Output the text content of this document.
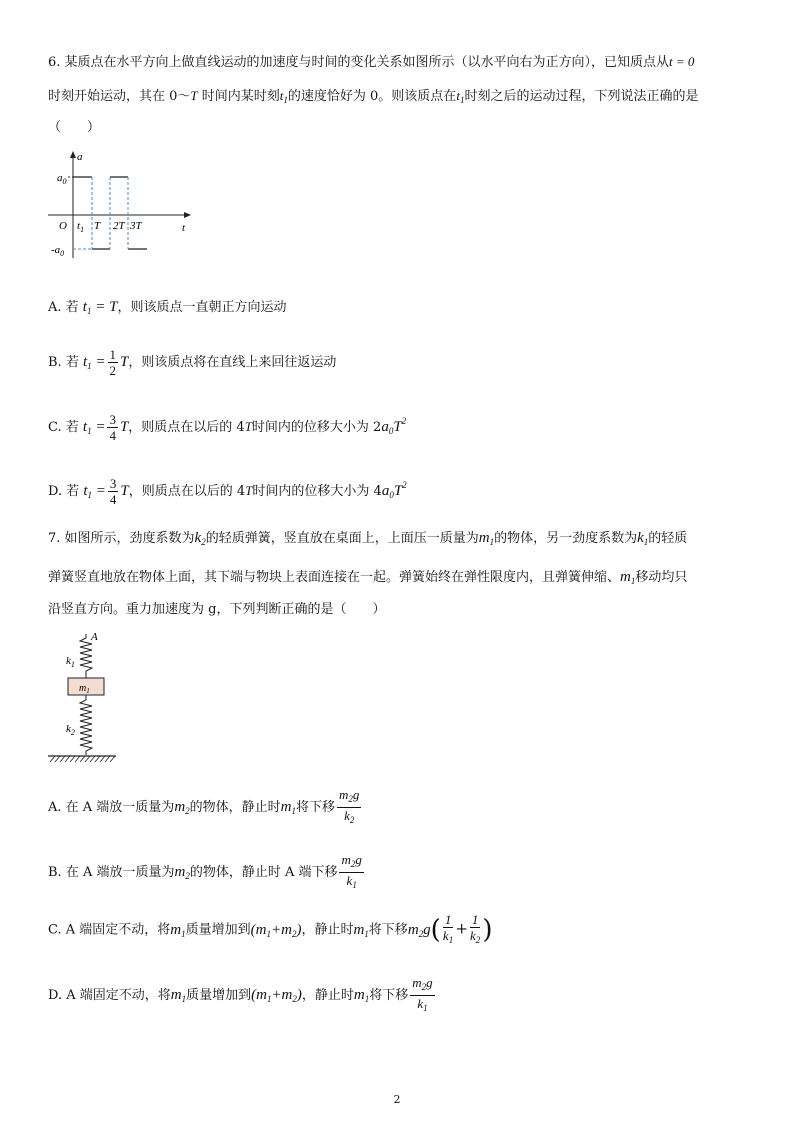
6. 某质点在水平方向上做直线运动的加速度与时间的变化关系如图所示（以水平向右为正方向），已知质点从t = 0
时刻开始运动，其在 0～T 时间内某时刻$t_1$的速度恰好为 0。则该质点在$t_1$时刻之后的运动过程，下列说法正确的是
（　　）
a
t
O
$a_0$
$-a_0$
$t_1$ T 2T 3T
A. 若 $t_1 = T$，则该质点一直朝正方向运动
B. 若 $t_1 = \frac{1}{2}$ T，则该质点将在直线上来回往返运动
C. 若 $t_1 = \frac{3}{4}$ T，则质点在以后的 4T时间内的位移大小为 $2a_0T^2$
D. 若 $t_1 = \frac{3}{4}$ T，则质点在以后的 4T时间内的位移大小为 $4a_0T^2$
7. 如图所示，劲度系数为$k_2$的轻质弹簧，竖直放在桌面上，上面压一质量为$m_1$的物体，另一劲度系数为$k_1$的轻质
弹簧竖直地放在物体上面，其下端与物块上表面连接在一起。弹簧始终在弹性限度内，且弹簧伸缩、$m_1$移动均只
沿竖直方向。重力加速度为 g，下列判断正确的是（　　）
A
$k_1$
$m_1$
$k_2$
A. 在 A 端放一质量为$m_2$的物体，静止时$m_1$将下移 $\frac{m_2g}{k_2}$
B. 在 A 端放一质量为$m_2$的物体，静止时 A 端下移 $\frac{m_2g}{k_1}$
C. A 端固定不动，将$m_1$质量增加到$(m_1+m_2)$，静止时$m_1$将下移$m_2g( \frac{1}{k_1} + \frac{1}{k_2}$ )
D. A 端固定不动，将$m_1$质量增加到$(m_1+m_2)$，静止时$m_1$将下移 $\frac{m_2g}{k_1}$
2
